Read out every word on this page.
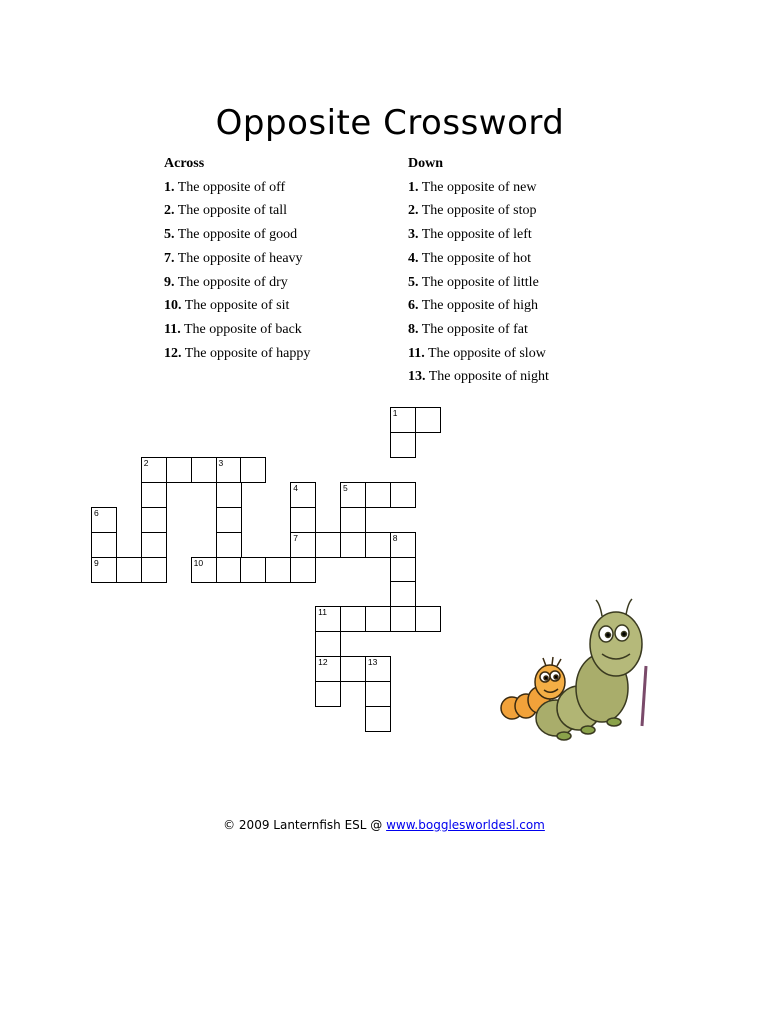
Opposite Crossword
Across
1. The opposite of off
2. The opposite of tall
5. The opposite of good
7. The opposite of heavy
9. The opposite of dry
10. The opposite of sit
11. The opposite of back
12. The opposite of happy
Down
1. The opposite of new
2. The opposite of stop
3. The opposite of left
4. The opposite of hot
5. The opposite of little
6. The opposite of high
8. The opposite of fat
11. The opposite of slow
13. The opposite of night
1
2	3
4	5
6
7	8
9	10
11
12	13
© 2009 Lanternfish ESL @ www.bogglesworldesl.com
